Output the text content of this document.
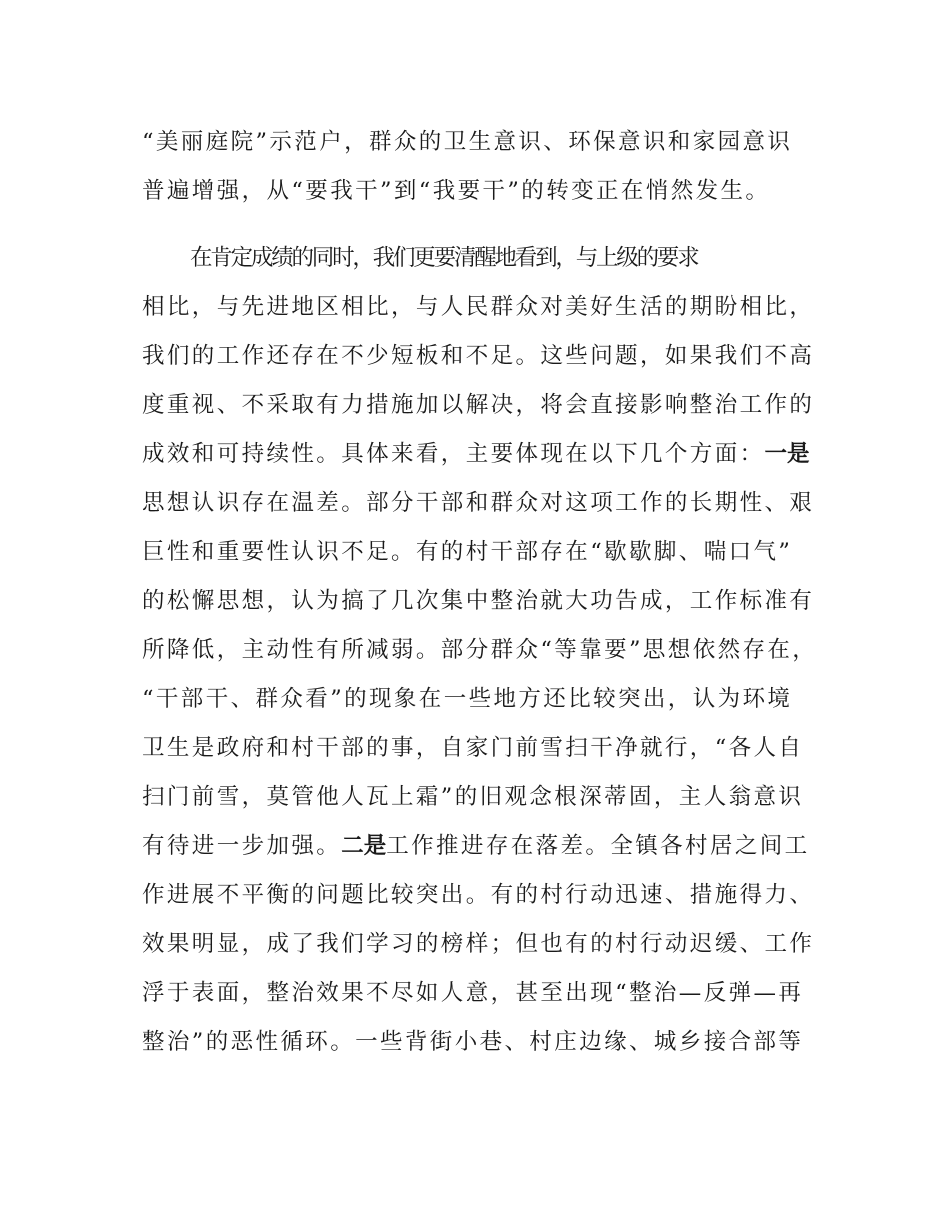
“美丽庭院”示范户，群众的卫生意识、环保意识和家园意识
普遍增强，从“要我干”到“我要干”的转变正在悄然发生。
在肯定成绩的同时，我们更要清醒地看到，与上级的要求
相比，与先进地区相比，与人民群众对美好生活的期盼相比，
我们的工作还存在不少短板和不足。这些问题，如果我们不高
度重视、不采取有力措施加以解决，将会直接影响整治工作的
成效和可持续性。具体来看，主要体现在以下几个方面：一是
思想认识存在温差。部分干部和群众对这项工作的长期性、艰
巨性和重要性认识不足。有的村干部存在“歇歇脚、喘口气”
的松懈思想，认为搞了几次集中整治就大功告成，工作标准有
所降低，主动性有所减弱。部分群众“等靠要”思想依然存在，
“干部干、群众看”的现象在一些地方还比较突出，认为环境
卫生是政府和村干部的事，自家门前雪扫干净就行，“各人自
扫门前雪，莫管他人瓦上霜”的旧观念根深蒂固，主人翁意识
有待进一步加强。二是工作推进存在落差。全镇各村居之间工
作进展不平衡的问题比较突出。有的村行动迅速、措施得力、
效果明显，成了我们学习的榜样；但也有的村行动迟缓、工作
浮于表面，整治效果不尽如人意，甚至出现“整治—反弹—再
整治”的恶性循环。一些背街小巷、村庄边缘、城乡接合部等
